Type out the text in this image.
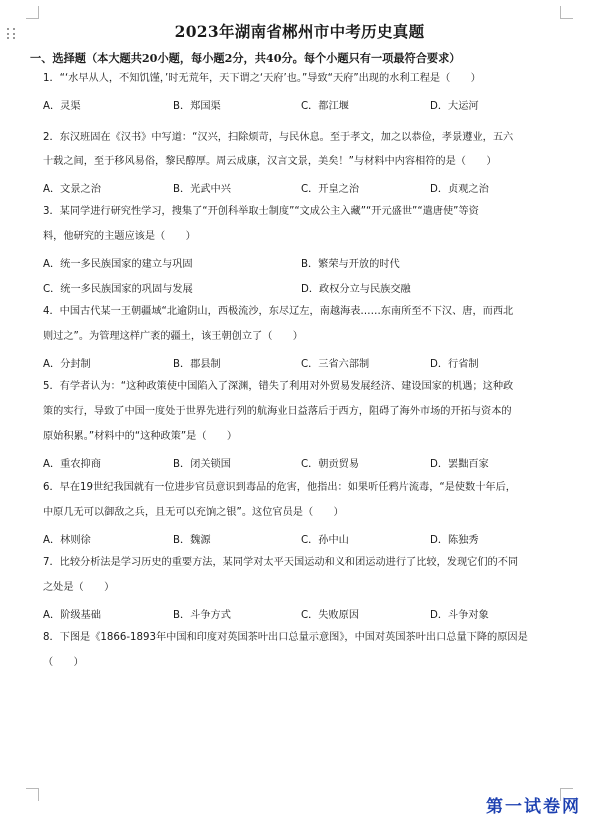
2023年湖南省郴州市中考历史真题
一、选择题（本大题共20小题，每小题2分，共40分。每个小题只有一项最符合要求）
1．“‘水早从人，不知饥馑，’时无荒年，天下谓之‘天府’也。”导致“天府”出现的水利工程是（　　）
A．灵渠	B．郑国渠	C．都江堰	D．大运河
2．东汉班固在《汉书》中写道：“汉兴，扫除烦苛，与民休息。至于孝文，加之以恭俭，孝景遵业，五六
十载之间，至于移风易俗，黎民醇厚。周云成康，汉言文景，美矣！”与材料中内容相符的是（　　）
A．文景之治	B．光武中兴	C．开皇之治	D．贞观之治
3．某同学进行研究性学习，搜集了“开创科举取士制度”“文成公主入藏”“开元盛世”“遣唐使”等资
料，他研究的主题应该是（　　）
A．统一多民族国家的建立与巩固	B．繁荣与开放的时代
C．统一多民族国家的巩固与发展	D．政权分立与民族交融
4．中国古代某一王朝疆域“北逾阴山，西极流沙，东尽辽左，南越海表……东南所至不下汉、唐，而西北
则过之”。为管理这样广袤的疆土，该王朝创立了（　　）
A．分封制	B．郡县制	C．三省六部制	D．行省制
5．有学者认为：“这种政策使中国陷入了深渊，错失了利用对外贸易发展经济、建设国家的机遇；这种政
策的实行，导致了中国一度处于世界先进行列的航海业日益落后于西方，阻碍了海外市场的开拓与资本的
原始积累。”材料中的“这种政策”是（　　）
A．重农抑商	B．闭关锁国	C．朝贡贸易	D．罢黜百家
6．早在19世纪我国就有一位进步官员意识到毒品的危害，他指出：如果听任鸦片流毒，“是使数十年后，
中原几无可以御敌之兵，且无可以充饷之银”。这位官员是（　　）
A．林则徐	B．魏源	C．孙中山	D．陈独秀
7．比较分析法是学习历史的重要方法，某同学对太平天国运动和义和团运动进行了比较，发现它们的不同
之处是（　　）
A．阶级基础	B．斗争方式	C．失败原因	D．斗争对象
8．下图是《1866-1893年中国和印度对英国茶叶出口总量示意图》，中国对英国茶叶出口总量下降的原因是
（　　）
第一试卷网
